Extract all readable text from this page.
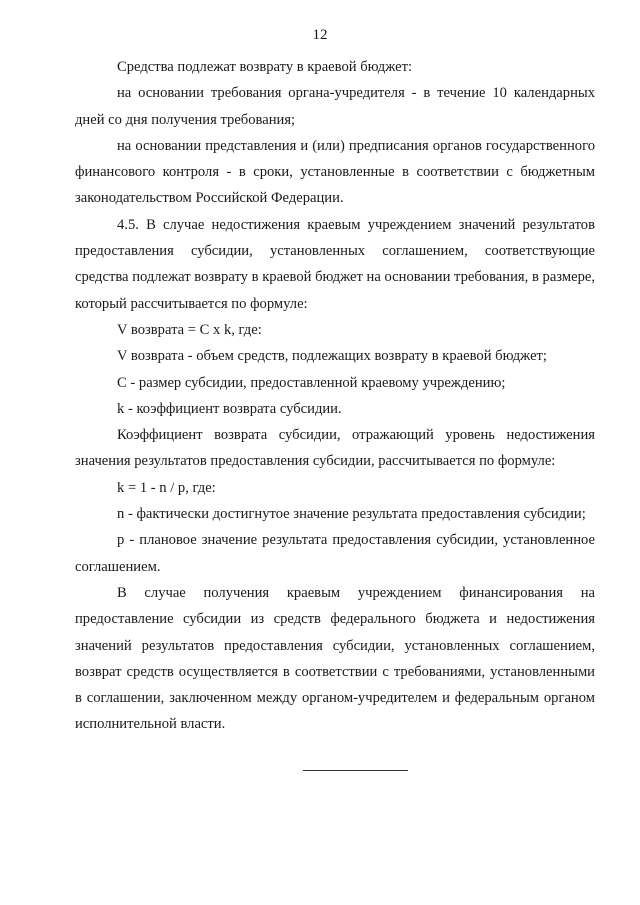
12

Средства подлежат возврату в краевой бюджет:

на основании требования органа-учредителя - в течение 10 календарных дней со дня получения требования;

на основании представления и (или) предписания органов государственного финансового контроля - в сроки, установленные в соответствии с бюджетным законодательством Российской Федерации.

4.5. В случае недостижения краевым учреждением значений результатов предоставления субсидии, установленных соглашением, соответствующие средства подлежат возврату в краевой бюджет на основании требования, в размере, который рассчитывается по формуле:

V возврата = C x k, где:

V возврата - объем средств, подлежащих возврату в краевой бюджет;

C - размер субсидии, предоставленной краевому учреждению;

k - коэффициент возврата субсидии.

Коэффициент возврата субсидии, отражающий уровень недостижения значения результатов предоставления субсидии, рассчитывается по формуле:

k = 1 - n / p, где:

n - фактически достигнутое значение результата предоставления субсидии;

p - плановое значение результата предоставления субсидии, установленное соглашением.

В случае получения краевым учреждением финансирования на предоставление субсидии из средств федерального бюджета и недостижения значений результатов предоставления субсидии, установленных соглашением, возврат средств осуществляется в соответствии с требованиями, установленными в соглашении, заключенном между органом-учредителем и федеральным органом исполнительной власти.
